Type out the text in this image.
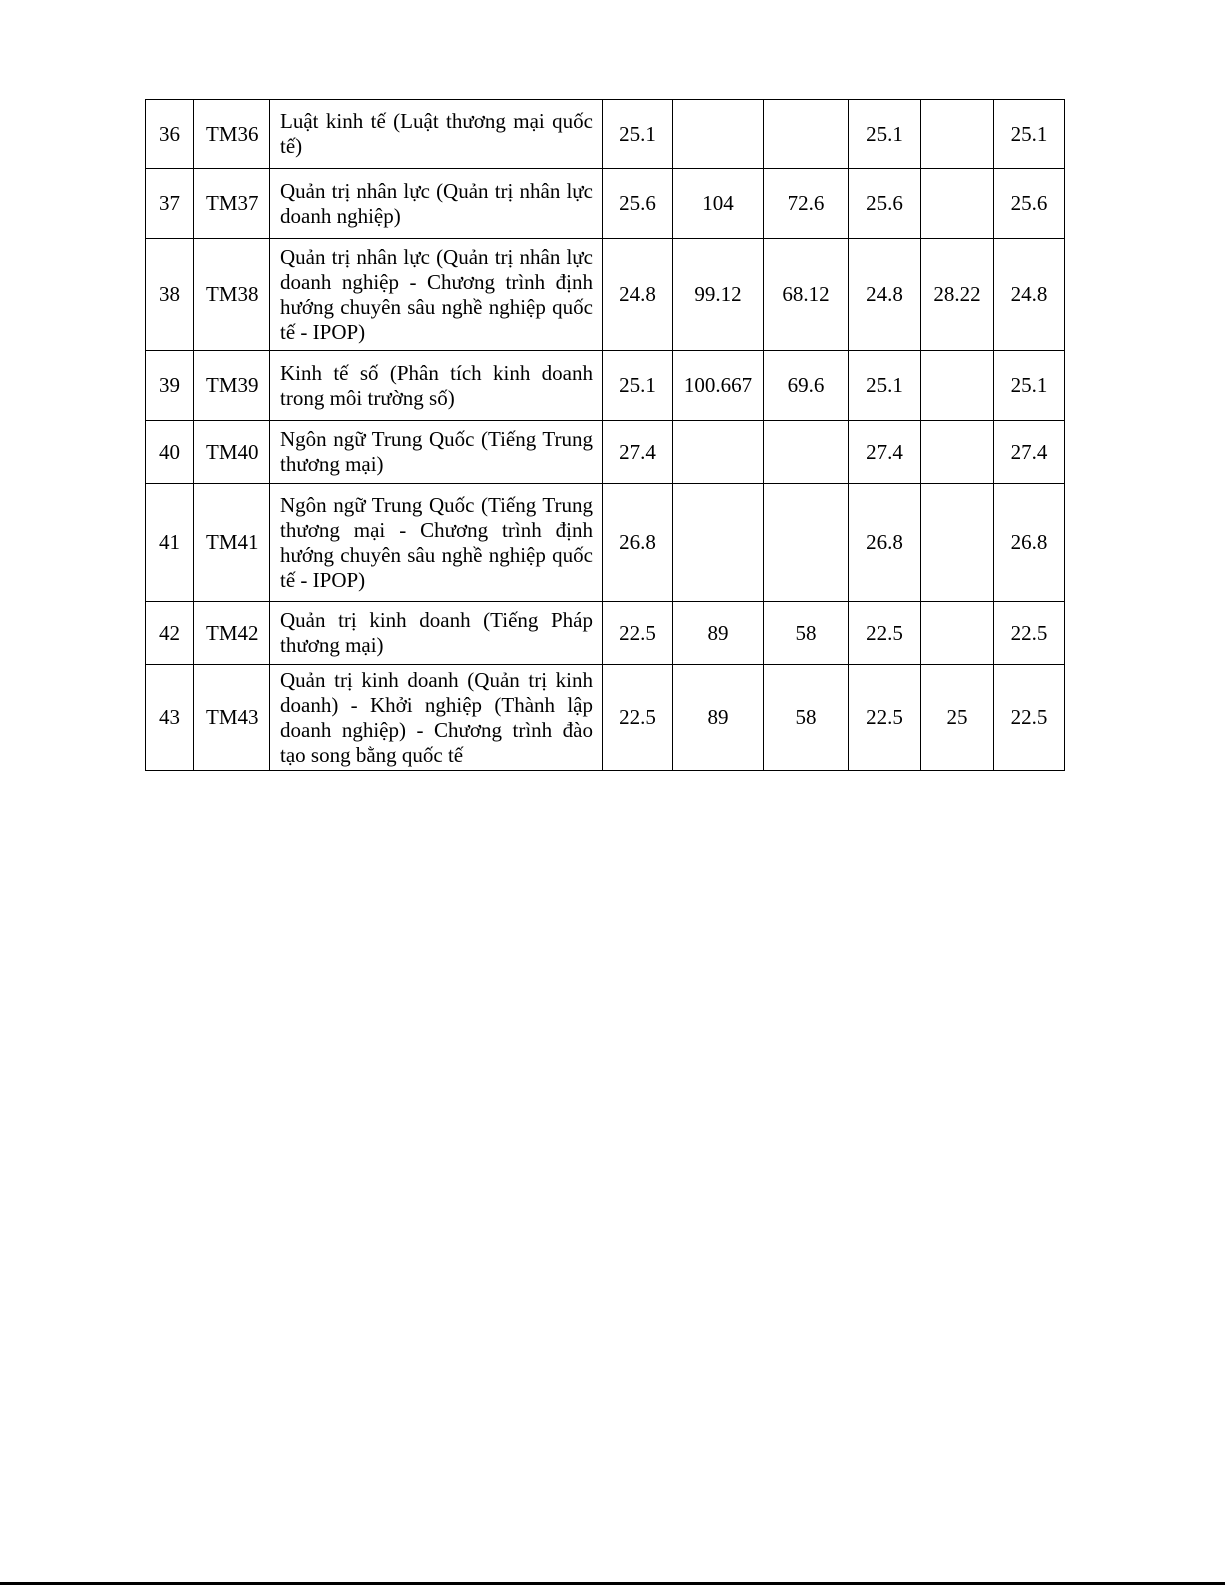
36	TM36	Luật kinh tế (Luật thương mại quốc tế)	25.1			25.1		25.1
37	TM37	Quản trị nhân lực (Quản trị nhân lực doanh nghiệp)	25.6	104	72.6	25.6		25.6
38	TM38	Quản trị nhân lực (Quản trị nhân lực doanh nghiệp - Chương trình định hướng chuyên sâu nghề nghiệp quốc tế - IPOP)	24.8	99.12	68.12	24.8	28.22	24.8
39	TM39	Kinh tế số (Phân tích kinh doanh trong môi trường số)	25.1	100.667	69.6	25.1		25.1
40	TM40	Ngôn ngữ Trung Quốc (Tiếng Trung thương mại)	27.4			27.4		27.4
41	TM41	Ngôn ngữ Trung Quốc (Tiếng Trung thương mại - Chương trình định hướng chuyên sâu nghề nghiệp quốc tế - IPOP)	26.8			26.8		26.8
42	TM42	Quản trị kinh doanh (Tiếng Pháp thương mại)	22.5	89	58	22.5		22.5
43	TM43	Quản trị kinh doanh (Quản trị kinh doanh) - Khởi nghiệp (Thành lập doanh nghiệp) - Chương trình đào tạo song bằng quốc tế	22.5	89	58	22.5	25	22.5
